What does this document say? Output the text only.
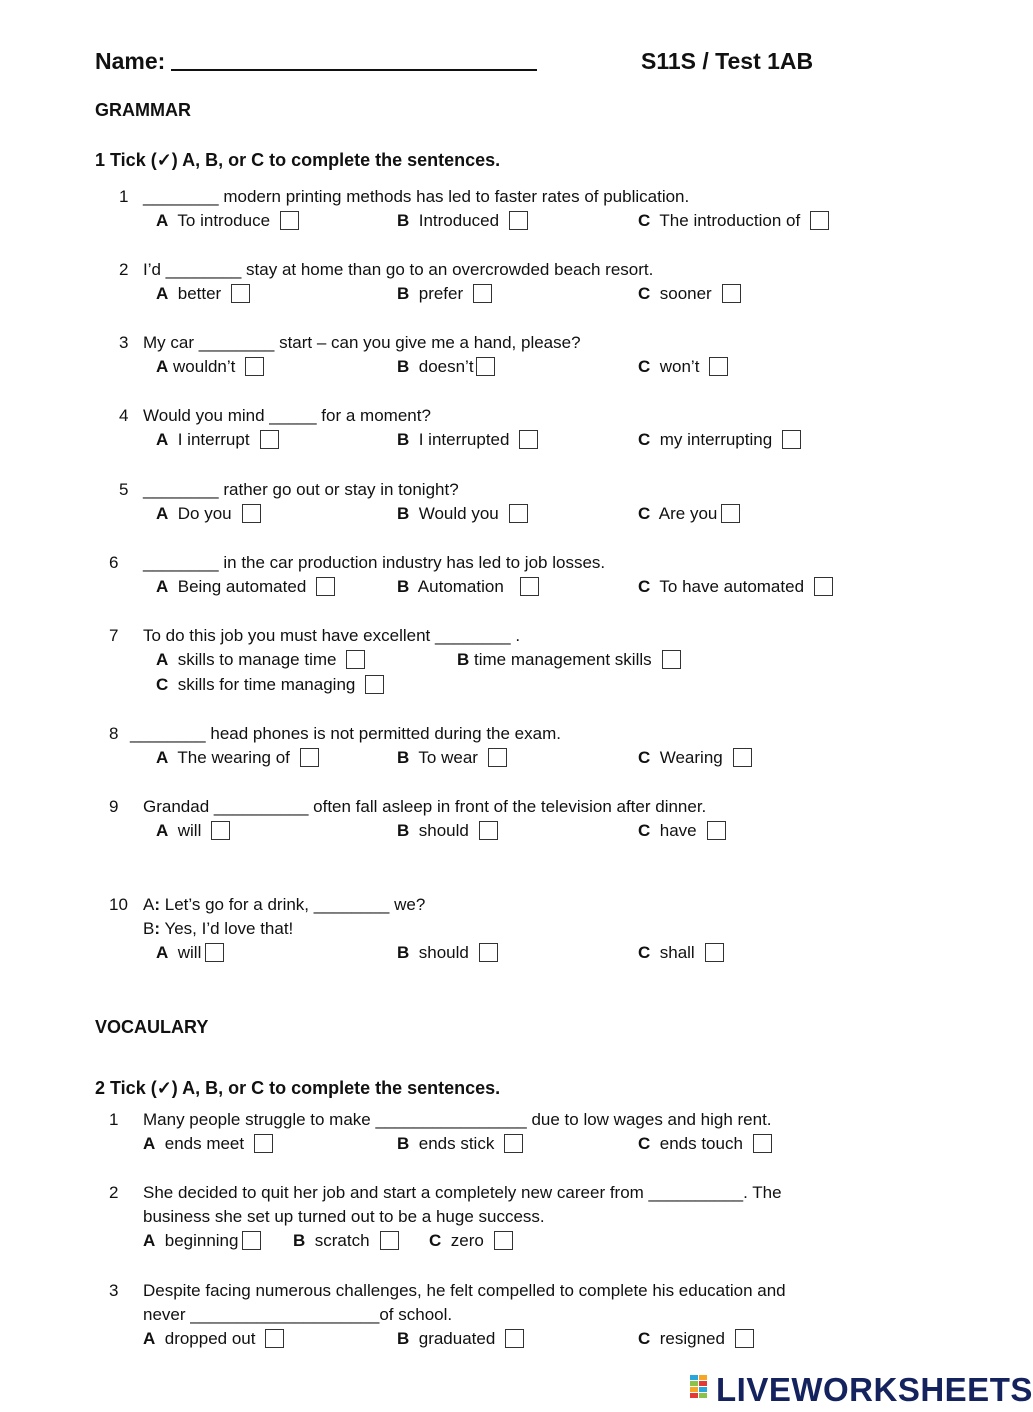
Name:	S11S / Test 1AB
GRAMMAR
1 Tick (✓) A, B, or C to complete the sentences.
1 ________ modern printing methods has led to faster rates of publication.
A To introduce	B Introduced	C The introduction of
2 I’d ________ stay at home than go to an overcrowded beach resort.
A better	B prefer	C sooner
3 My car ________ start – can you give me a hand, please?
A wouldn’t	B doesn’t	C won’t
4 Would you mind _____ for a moment?
A I interrupt	B I interrupted	C my interrupting
5 ________ rather go out or stay in tonight?
A Do you	B Would you	C Are you
6 ________ in the car production industry has led to job losses.
A Being automated	B Automation	C To have automated
7 To do this job you must have excellent ________ .
A skills to manage time	B time management skills
C skills for time managing
8 ________ head phones is not permitted during the exam.
A The wearing of	B To wear	C Wearing
9 Grandad __________ often fall asleep in front of the television after dinner.
A will	B should	C have
10 A: Let’s go for a drink, ________ we?
B: Yes, I’d love that!
A will	B should	C shall
VOCAULARY
2 Tick (✓) A, B, or C to complete the sentences.
1 Many people struggle to make ________________ due to low wages and high rent.
A ends meet	B ends stick	C ends touch
2 She decided to quit her job and start a completely new career from __________. The
business she set up turned out to be a huge success.
A beginning	B scratch	C zero
3 Despite facing numerous challenges, he felt compelled to complete his education and
never ____________________of school.
A dropped out	B graduated	C resigned
LIVEWORKSHEETS
